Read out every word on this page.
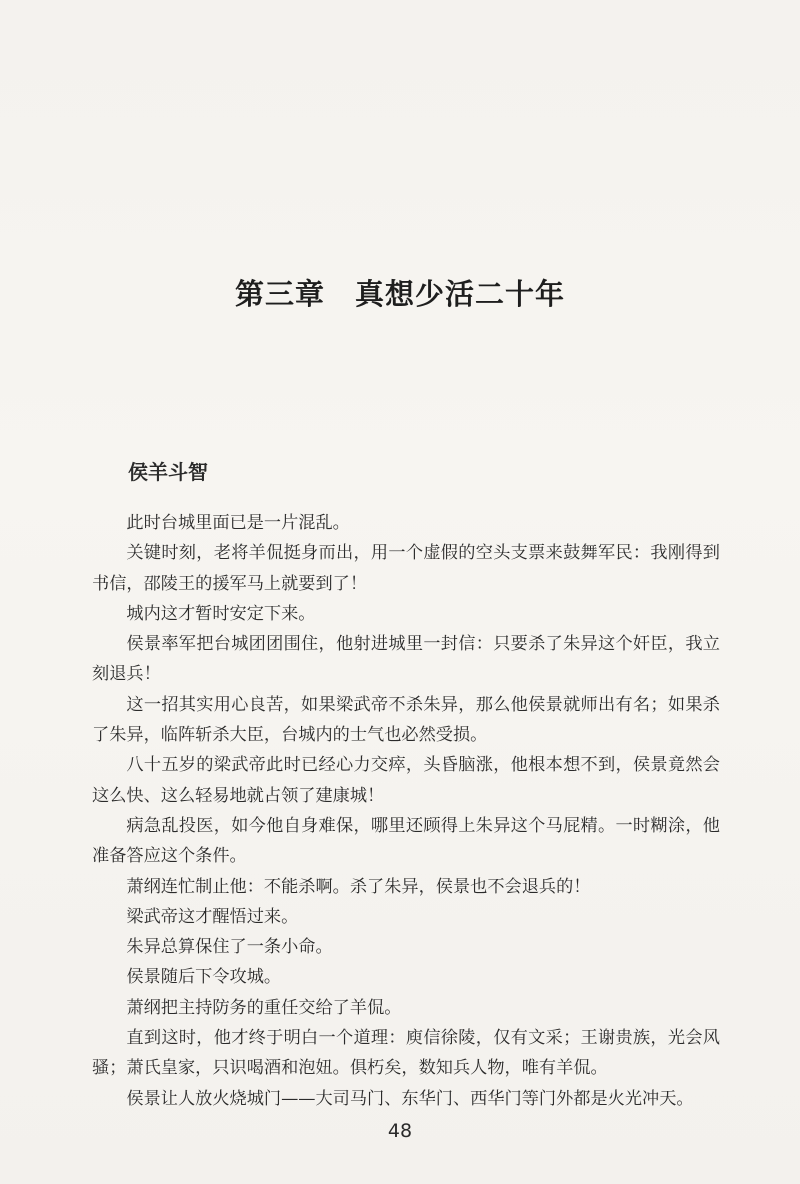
第三章　真想少活二十年
侯羊斗智

此时台城里面已是一片混乱。

关键时刻，老将羊侃挺身而出，用一个虚假的空头支票来鼓舞军民：我刚得到书信，邵陵王的援军马上就要到了！

城内这才暂时安定下来。

侯景率军把台城团团围住，他射进城里一封信：只要杀了朱异这个奸臣，我立刻退兵！

这一招其实用心良苦，如果梁武帝不杀朱异，那么他侯景就师出有名；如果杀了朱异，临阵斩杀大臣，台城内的士气也必然受损。

八十五岁的梁武帝此时已经心力交瘁，头昏脑涨，他根本想不到，侯景竟然会这么快、这么轻易地就占领了建康城！

病急乱投医，如今他自身难保，哪里还顾得上朱异这个马屁精。一时糊涂，他准备答应这个条件。

萧纲连忙制止他：不能杀啊。杀了朱异，侯景也不会退兵的！

梁武帝这才醒悟过来。

朱异总算保住了一条小命。

侯景随后下令攻城。

萧纲把主持防务的重任交给了羊侃。

直到这时，他才终于明白一个道理：庾信徐陵，仅有文采；王谢贵族，光会风骚；萧氏皇家，只识喝酒和泡妞。俱朽矣，数知兵人物，唯有羊侃。

侯景让人放火烧城门——大司马门、东华门、西华门等门外都是火光冲天。

48
